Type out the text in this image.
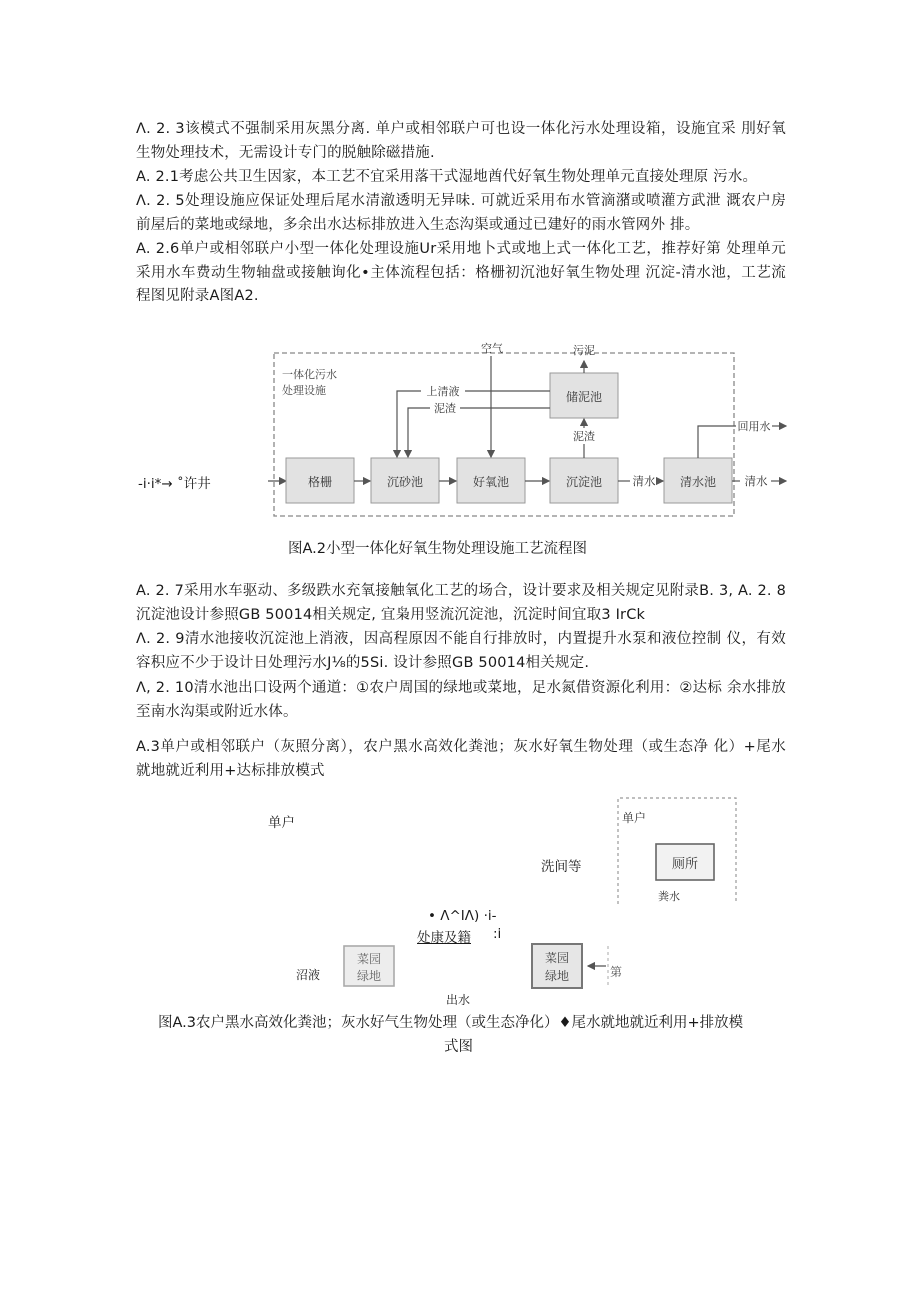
Λ. 2. 3该模式不强制采用灰黑分离. 单户或相邻联户可也设一体化污水处理设箱，设施宜采 刖好氧生物处理技术，无需设计专门的脱触除磁措施.

A. 2.1考虑公共卫生因家，本工艺不宜采用落干式湿地酋代好氧生物处理单元直接处理原 污水。

Λ. 2. 5处理设施应保证处理后尾水清澈透明无异味. 可就近采用布水管滴潴或喷灌方武泄 溉农户房前屋后的菜地或绿地，多余出水达标排放进入生态沟渠或通过已建好的雨水管网外 排。

A. 2.6单户或相邻联户小型一体化处理设施Ur采用地卜式或地上式一体化工艺，推荐好第 处理单元采用水车费动生物轴盘或接触询化•主体流程包括：格栅初沉池好氧生物处理 沉淀-清水池，工艺流程图见附录A图A2.

-i·i*→ ˚许井
一体化污水
处理设施
格栅	沉砂池	好氧池	沉淀池
储泥池
清水池
清水	清水
回用水
空气	污泥
泥渣
上清液
泥渣

图A.2小型一体化好氧生物处理设施工艺流程图

A. 2. 7采用水车驱动、多级跌水充氧接触氧化工艺的场合，设计要求及相关规定见附录B. 3, A. 2. 8沉淀池设计参照GB 50014相关规定, 宜枭用竖流沉淀池，沉淀时间宜取3 IrCk

Λ. 2. 9清水池接收沉淀池上消液，因高程原因不能自行排放时，内置提升水泵和液位控制 仪，有效容积应不少于设计日处理污水J⅛的5Si. 设计参照GB 50014相关规定.

Λ, 2. 10清水池出口设两个通道：①农户周国的绿地或菜地，足水氮借资源化利用：②达标 余水排放至南水沟渠或附近水体。

A.3单户或相邻联户（灰照分离），农户黑水高效化粪池；灰水好氧生物处理（或生态净 化）+尾水就地就近利用+达标排放模式

单户
洗间等
单户
厕所
粪水
• Λ^IΛ) ·i-
处康及籍 :i
菜园
绿地
菜园
绿地	第
沼液
出水

图A.3农户黑水高效化粪池；灰水好气生物处理（或生态净化）♦尾水就地就近利用+排放模

式图
